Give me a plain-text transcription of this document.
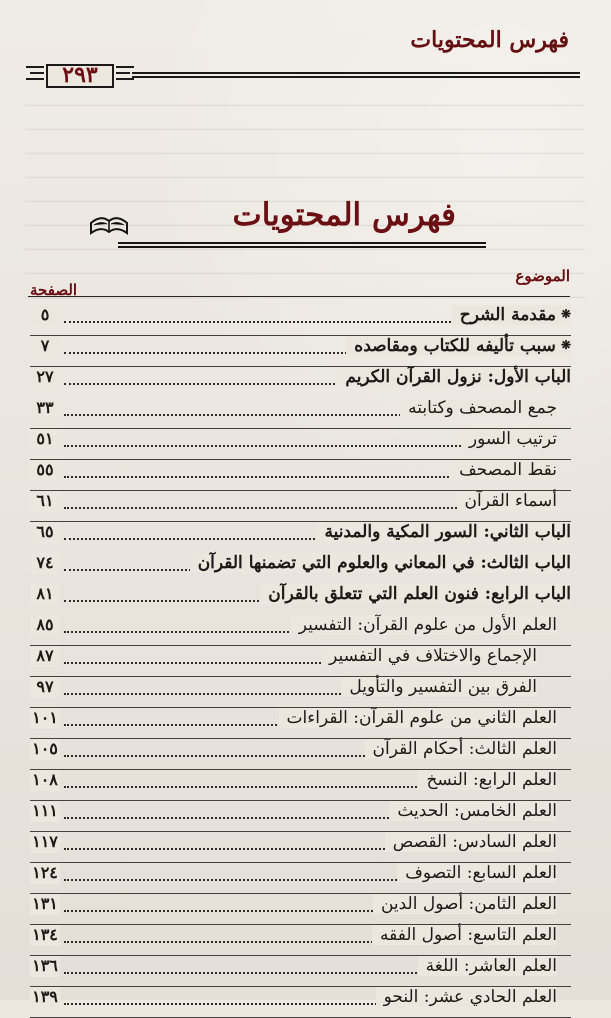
فهرس المحتويات
٢٩٣
فهرس المحتويات
الموضوع
الصفحة
❋ مقدمة الشرح
٥
❋ سبب تأليفه للكتاب ومقاصده
٧
الباب الأول: نزول القرآن الكريم
٢٧
جمع المصحف وكتابته
٣٣
ترتيب السور
٥١
نقط المصحف
٥٥
أسماء القرآن
٦١
الباب الثاني: السور المكية والمدنية
٦٥
الباب الثالث: في المعاني والعلوم التي تضمنها القرآن
٧٤
الباب الرابع: فنون العلم التي تتعلق بالقرآن
٨١
العلم الأول من علوم القرآن: التفسير
٨٥
الإجماع والاختلاف في التفسير
٨٧
الفرق بين التفسير والتأويل
٩٧
العلم الثاني من علوم القرآن: القراءات
١٠١
العلم الثالث: أحكام القرآن
١٠٥
العلم الرابع: النسخ
١٠٨
العلم الخامس: الحديث
١١١
العلم السادس: القصص
١١٧
العلم السابع: التصوف
١٢٤
العلم الثامن: أصول الدين
١٣١
العلم التاسع: أصول الفقه
١٣٤
العلم العاشر: اللغة
١٣٦
العلم الحادي عشر: النحو
١٣٩
